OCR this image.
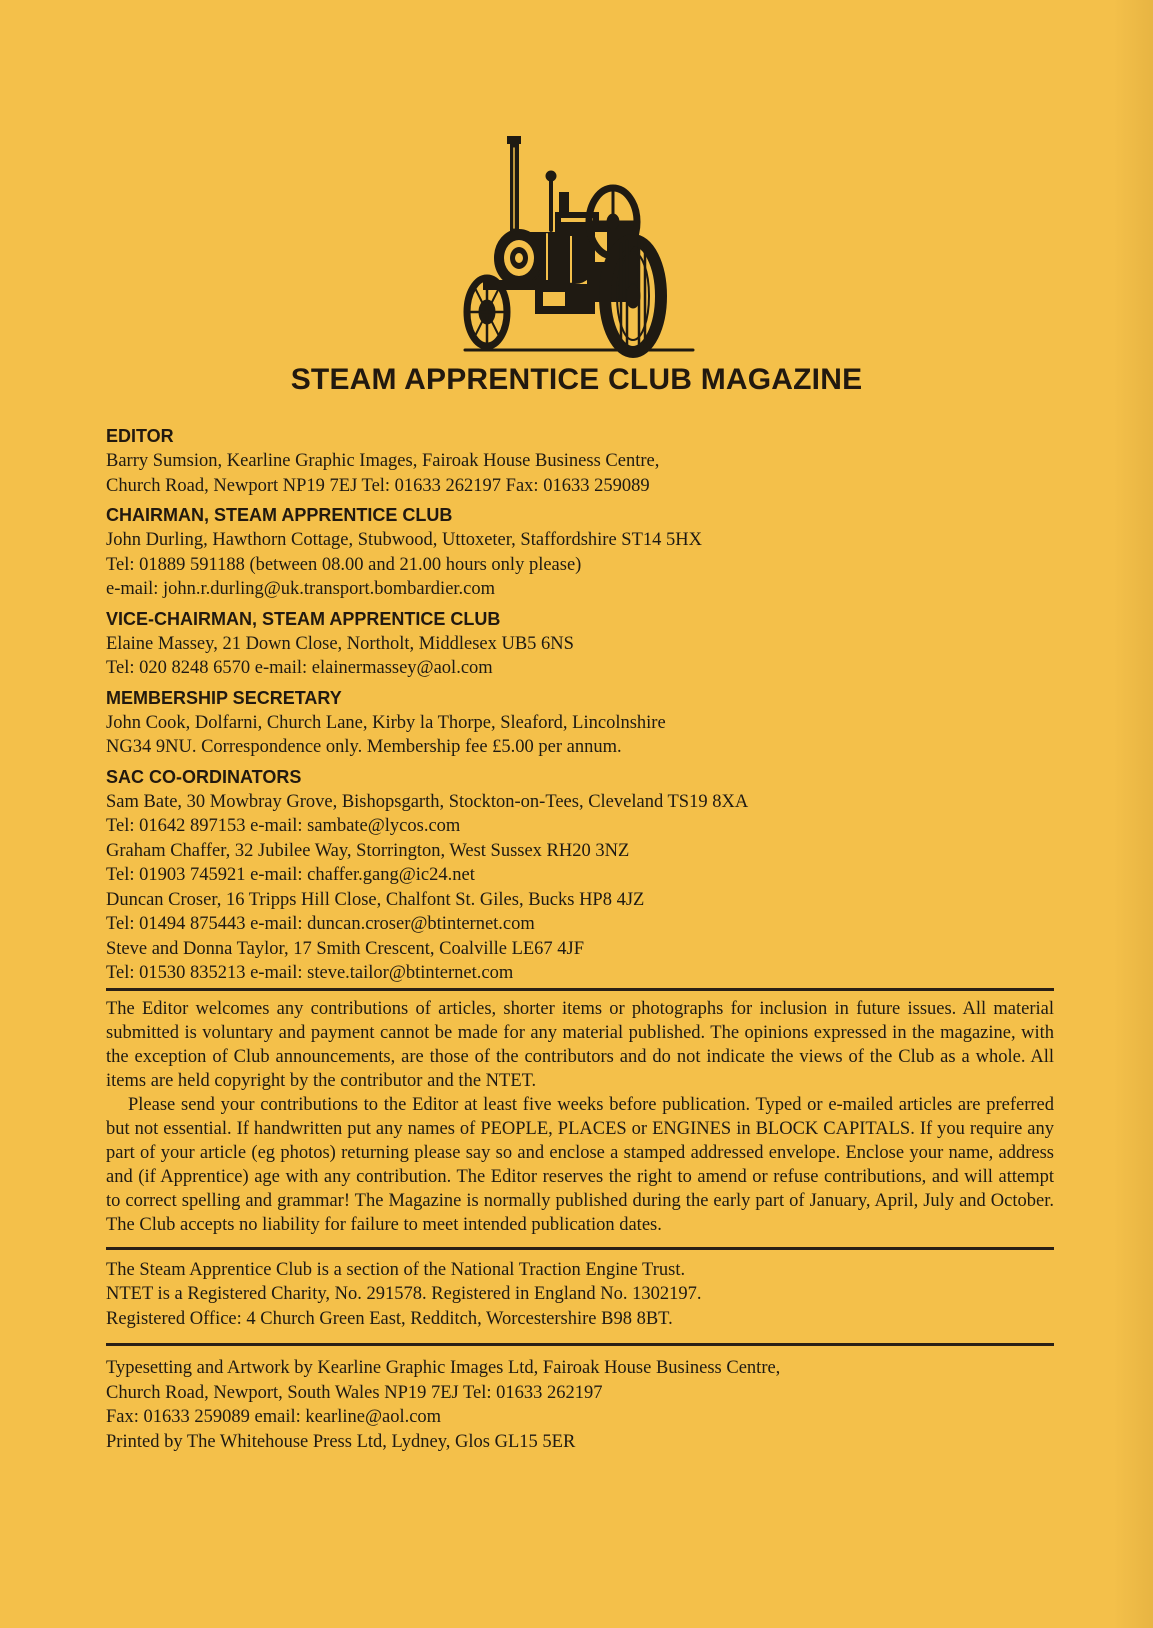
STEAM APPRENTICE CLUB MAGAZINE
EDITOR
Barry Sumsion, Kearline Graphic Images, Fairoak House Business Centre,
Church Road, Newport NP19 7EJ Tel: 01633 262197 Fax: 01633 259089
CHAIRMAN, STEAM APPRENTICE CLUB
John Durling, Hawthorn Cottage, Stubwood, Uttoxeter, Staffordshire ST14 5HX
Tel: 01889 591188 (between 08.00 and 21.00 hours only please)
e-mail: john.r.durling@uk.transport.bombardier.com
VICE-CHAIRMAN, STEAM APPRENTICE CLUB
Elaine Massey, 21 Down Close, Northolt, Middlesex UB5 6NS
Tel: 020 8248 6570 e-mail: elainermassey@aol.com
MEMBERSHIP SECRETARY
John Cook, Dolfarni, Church Lane, Kirby la Thorpe, Sleaford, Lincolnshire
NG34 9NU. Correspondence only. Membership fee £5.00 per annum.
SAC CO-ORDINATORS
Sam Bate, 30 Mowbray Grove, Bishopsgarth, Stockton-on-Tees, Cleveland TS19 8XA
Tel: 01642 897153 e-mail: sambate@lycos.com
Graham Chaffer, 32 Jubilee Way, Storrington, West Sussex RH20 3NZ
Tel: 01903 745921 e-mail: chaffer.gang@ic24.net
Duncan Croser, 16 Tripps Hill Close, Chalfont St. Giles, Bucks HP8 4JZ
Tel: 01494 875443 e-mail: duncan.croser@btinternet.com
Steve and Donna Taylor, 17 Smith Crescent, Coalville LE67 4JF
Tel: 01530 835213 e-mail: steve.tailor@btinternet.com

The Editor welcomes any contributions of articles, shorter items or photographs for inclusion in future issues. All material submitted is voluntary and payment cannot be made for any material published. The opinions expressed in the magazine, with the exception of Club announcements, are those of the contributors and do not indicate the views of the Club as a whole. All items are held copyright by the contributor and the NTET.

Please send your contributions to the Editor at least five weeks before publication. Typed or e-mailed articles are preferred but not essential. If handwritten put any names of PEOPLE, PLACES or ENGINES in BLOCK CAPITALS. If you require any part of your article (eg photos) returning please say so and enclose a stamped addressed envelope. Enclose your name, address and (if Apprentice) age with any contribution. The Editor reserves the right to amend or refuse contributions, and will attempt to correct spelling and grammar! The Magazine is normally published during the early part of January, April, July and October. The Club accepts no liability for failure to meet intended publication dates.

The Steam Apprentice Club is a section of the National Traction Engine Trust.
NTET is a Registered Charity, No. 291578. Registered in England No. 1302197.
Registered Office: 4 Church Green East, Redditch, Worcestershire B98 8BT.
Typesetting and Artwork by Kearline Graphic Images Ltd, Fairoak House Business Centre,
Church Road, Newport, South Wales NP19 7EJ Tel: 01633 262197
Fax: 01633 259089 email: kearline@aol.com
Printed by The Whitehouse Press Ltd, Lydney, Glos GL15 5ER
